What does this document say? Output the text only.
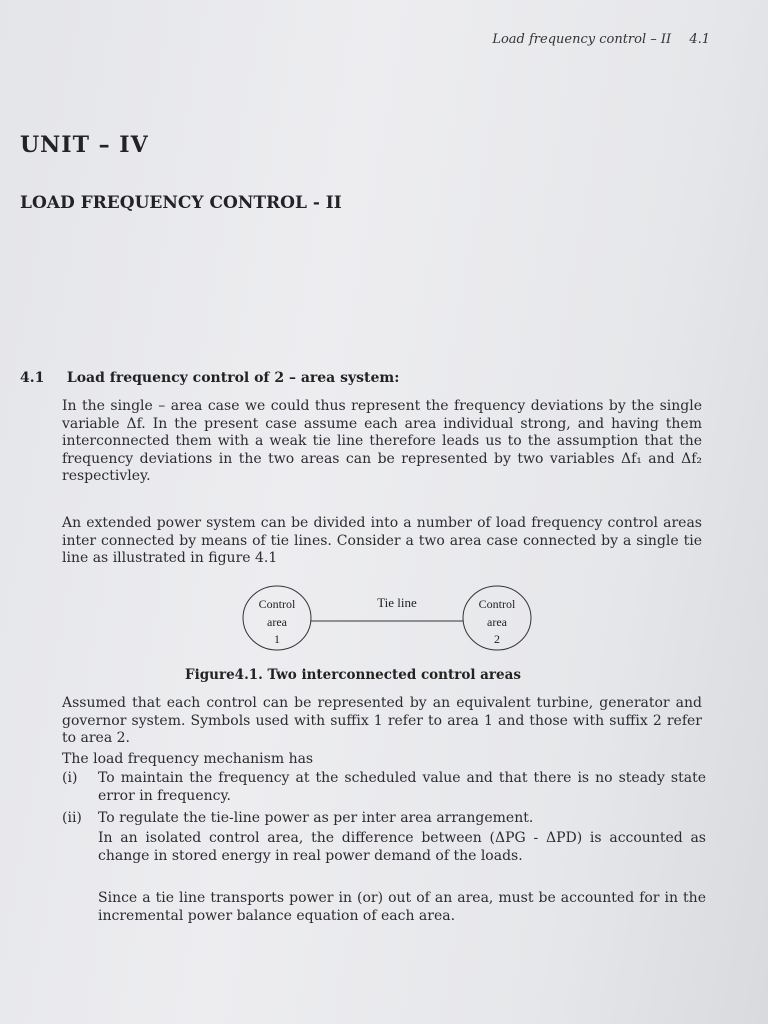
Load frequency control – II 4.1
UNIT – IV
LOAD FREQUENCY CONTROL - II
4.1 Load frequency control of 2 – area system:
In the single – area case we could thus represent the frequency deviations by the single variable Δf. In the present case assume each area individual strong, and having them interconnected them with a weak tie line therefore leads us to the assumption that the frequency deviations in the two areas can be represented by two variables Δf₁ and Δf₂ respectivley.
An extended power system can be divided into a number of load frequency control areas inter connected by means of tie lines. Consider a two area case connected by a single tie line as illustrated in figure 4.1
Control
area
1
Control
area
2
Tie line
Figure4.1. Two interconnected control areas
Assumed that each control can be represented by an equivalent turbine, generator and governor system. Symbols used with suffix 1 refer to area 1 and those with suffix 2 refer to area 2.
The load frequency mechanism has
(i) To maintain the frequency at the scheduled value and that there is no steady state error in frequency.
(ii) To regulate the tie-line power as per inter area arrangement.
In an isolated control area, the difference between (ΔPG - ΔPD) is accounted as change in stored energy in real power demand of the loads.
Since a tie line transports power in (or) out of an area, must be accounted for in the incremental power balance equation of each area.
